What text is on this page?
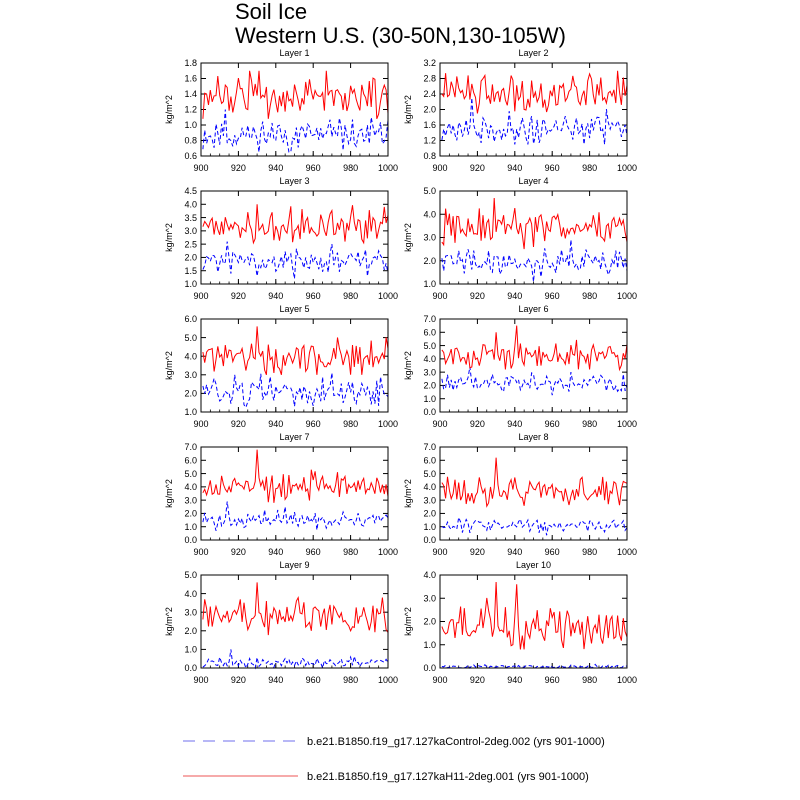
Soil Ice
Western U.S. (30-50N,130-105W)
Layer 1
kg/m^2
900 920 940 960 980 1000
0.6
0.8
1.0
1.2
1.4
1.6
1.8
Layer 2
kg/m^2
900 920 940 960 980 1000
0.8
1.2
1.6
2.0
2.4
2.8
3.2
Layer 3
kg/m^2
900 920 940 960 980 1000
1.0
1.5
2.0
2.5
3.0
3.5
4.0
4.5
Layer 4
kg/m^2
900 920 940 960 980 1000
1.0
2.0
3.0
4.0
5.0
Layer 5
kg/m^2
900 920 940 960 980 1000
1.0
2.0
3.0
4.0
5.0
6.0
Layer 6
kg/m^2
900 920 940 960 980 1000
0.0
1.0
2.0
3.0
4.0
5.0
6.0
7.0
Layer 7
kg/m^2
900 920 940 960 980 1000
0.0
1.0
2.0
3.0
4.0
5.0
6.0
7.0
Layer 8
kg/m^2
900 920 940 960 980 1000
0.0
1.0
2.0
3.0
4.0
5.0
6.0
7.0
Layer 9
kg/m^2
900 920 940 960 980 1000
0.0
1.0
2.0
3.0
4.0
5.0
Layer 10
kg/m^2
900 920 940 960 980 1000
0.0
1.0
2.0
3.0
4.0
b.e21.B1850.f19_g17.127kaControl-2deg.002 (yrs 901-1000)
b.e21.B1850.f19_g17.127kaH11-2deg.001 (yrs 901-1000)
